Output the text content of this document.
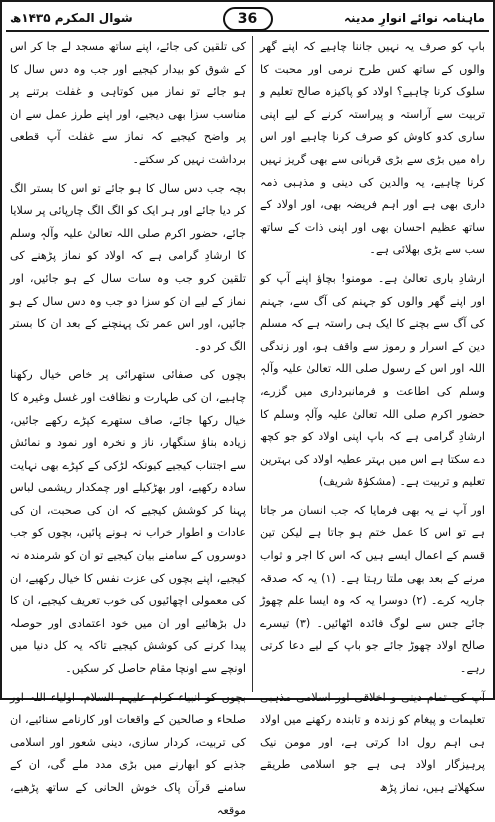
ماہنامہ نوائے انوارِ مدینہ
شوال المکرم ۱۴۳۵ھ	36

باپ کو صرف یہ نہیں جاننا چاہیے کہ اپنے گھر والوں کے ساتھ کس طرح نرمی اور محبت کا سلوک کرنا چاہیے؟ اولاد کو پاکیزہ صالح تعلیم و تربیت سے آراستہ و پیراستہ کرنے کے لیے اپنی ساری کدو کاوش کو صرف کرنا چاہیے اور اس راہ میں بڑی سے بڑی قربانی سے بھی گریز نہیں کرنا چاہیے، یہ والدین کی دینی و مذہبی ذمہ داری بھی ہے اور اہم فریضہ بھی، اور اولاد کے ساتھ عظیم احسان بھی اور اپنی ذات کے ساتھ سب سے بڑی بھلائی ہے۔

ارشادِ باری تعالیٰ ہے۔ مومنو! بچاؤ اپنے آپ کو اور اپنے گھر والوں کو جہنم کی آگ سے، جہنم کی آگ سے بچنے کا ایک ہی راستہ ہے کہ مسلم دین کے اسرار و رموز سے واقف ہو، اور زندگی اللہ اور اس کے رسول صلی اللہ تعالیٰ علیہ وآلہٖ وسلم کی اطاعت و فرمانبرداری میں گزرے، حضور اکرم صلی اللہ تعالیٰ علیہ وآلہٖ وسلم کا ارشادِ گرامی ہے کہ باپ اپنی اولاد کو جو کچھ دے سکتا ہے اس میں بہتر عطیہ اولاد کی بہترین تعلیم و تربیت ہے۔ (مشکوٰۃ شریف)

اور آپ نے یہ بھی فرمایا کہ جب انسان مر جاتا ہے تو اس کا عمل ختم ہو جاتا ہے لیکن تین قسم کے اعمال ایسے ہیں کہ اس کا اجر و ثواب مرنے کے بعد بھی ملتا رہتا ہے۔ (۱) یہ کہ صدقہ جاریہ کرے۔ (۲) دوسرا یہ کہ وہ ایسا علم چھوڑ جائے جس سے لوگ فائدہ اٹھائیں۔ (۳) تیسرے صالح اولاد چھوڑ جائے جو باپ کے لیے دعا کرتی رہے۔

آپ کی تمام دینی و اخلاقی اور اسلامی مذہبی تعلیمات و پیغام کو زندہ و تابندہ رکھنے میں اولاد ہی اہم رول ادا کرتی ہے، اور مومن نیک پرہیزگار اولاد ہی ہے جو اسلامی طریقے سکھلاتے ہیں، نماز پڑھ

کی تلقین کی جائے، اپنے ساتھ مسجد لے جا کر اس کے شوق کو بیدار کیجیے اور جب وہ دس سال کا ہو جائے تو نماز میں کوتاہی و غفلت برتنے پر مناسب سزا بھی دیجیے، اور اپنے طرز عمل سے ان پر واضح کیجیے کہ نماز سے غفلت آپ قطعی برداشت نہیں کر سکتے۔

بچہ جب دس سال کا ہو جائے تو اس کا بستر الگ کر دیا جائے اور ہر ایک کو الگ الگ چارپائی پر سلایا جائے، حضور اکرم صلی اللہ تعالیٰ علیہ وآلہٖ وسلم کا ارشادِ گرامی ہے کہ اولاد کو نماز پڑھنے کی تلقین کرو جب وہ سات سال کے ہو جائیں، اور نماز کے لیے ان کو سزا دو جب وہ دس سال کے ہو جائیں، اور اس عمر تک پہنچنے کے بعد ان کا بستر الگ کر دو۔

بچوں کی صفائی ستھرائی پر خاص خیال رکھنا چاہیے، ان کی طہارت و نظافت اور غسل وغیرہ کا خیال رکھا جائے، صاف ستھرے کپڑے رکھے جائیں، زیادہ بناؤ سنگھار، ناز و نخرہ اور نمود و نمائش سے اجتناب کیجیے کیونکہ لڑکی کے کپڑے بھی نہایت سادہ رکھیے، اور بھڑکیلے اور چمکدار ریشمی لباس پہنا کر کوشش کیجیے کہ ان کی صحبت، ان کی عادات و اطوار خراب نہ ہونے پائیں، بچوں کو جب دوسروں کے سامنے بیان کیجیے تو ان کو شرمندہ نہ کیجیے، اپنے بچوں کی عزت نفس کا خیال رکھیے، ان کی معمولی اچھائیوں کی خوب تعریف کیجیے، ان کا دل بڑھائیے اور ان میں خود اعتمادی اور حوصلہ پیدا کرنے کی کوشش کیجیے تاکہ یہ کل دنیا میں اونچے سے اونچا مقام حاصل کر سکیں۔

بچوں کو انبیاء کرام علیہم السلام، اولیاء اللہ اور صلحاء و صالحین کے واقعات اور کارنامے سنائیے، ان کی تربیت، کردار سازی، دینی شعور اور اسلامی جذبے کو ابھارنے میں بڑی مدد ملے گی، ان کے سامنے قرآن پاک خوش الحانی کے ساتھ پڑھیے، موقعہ
